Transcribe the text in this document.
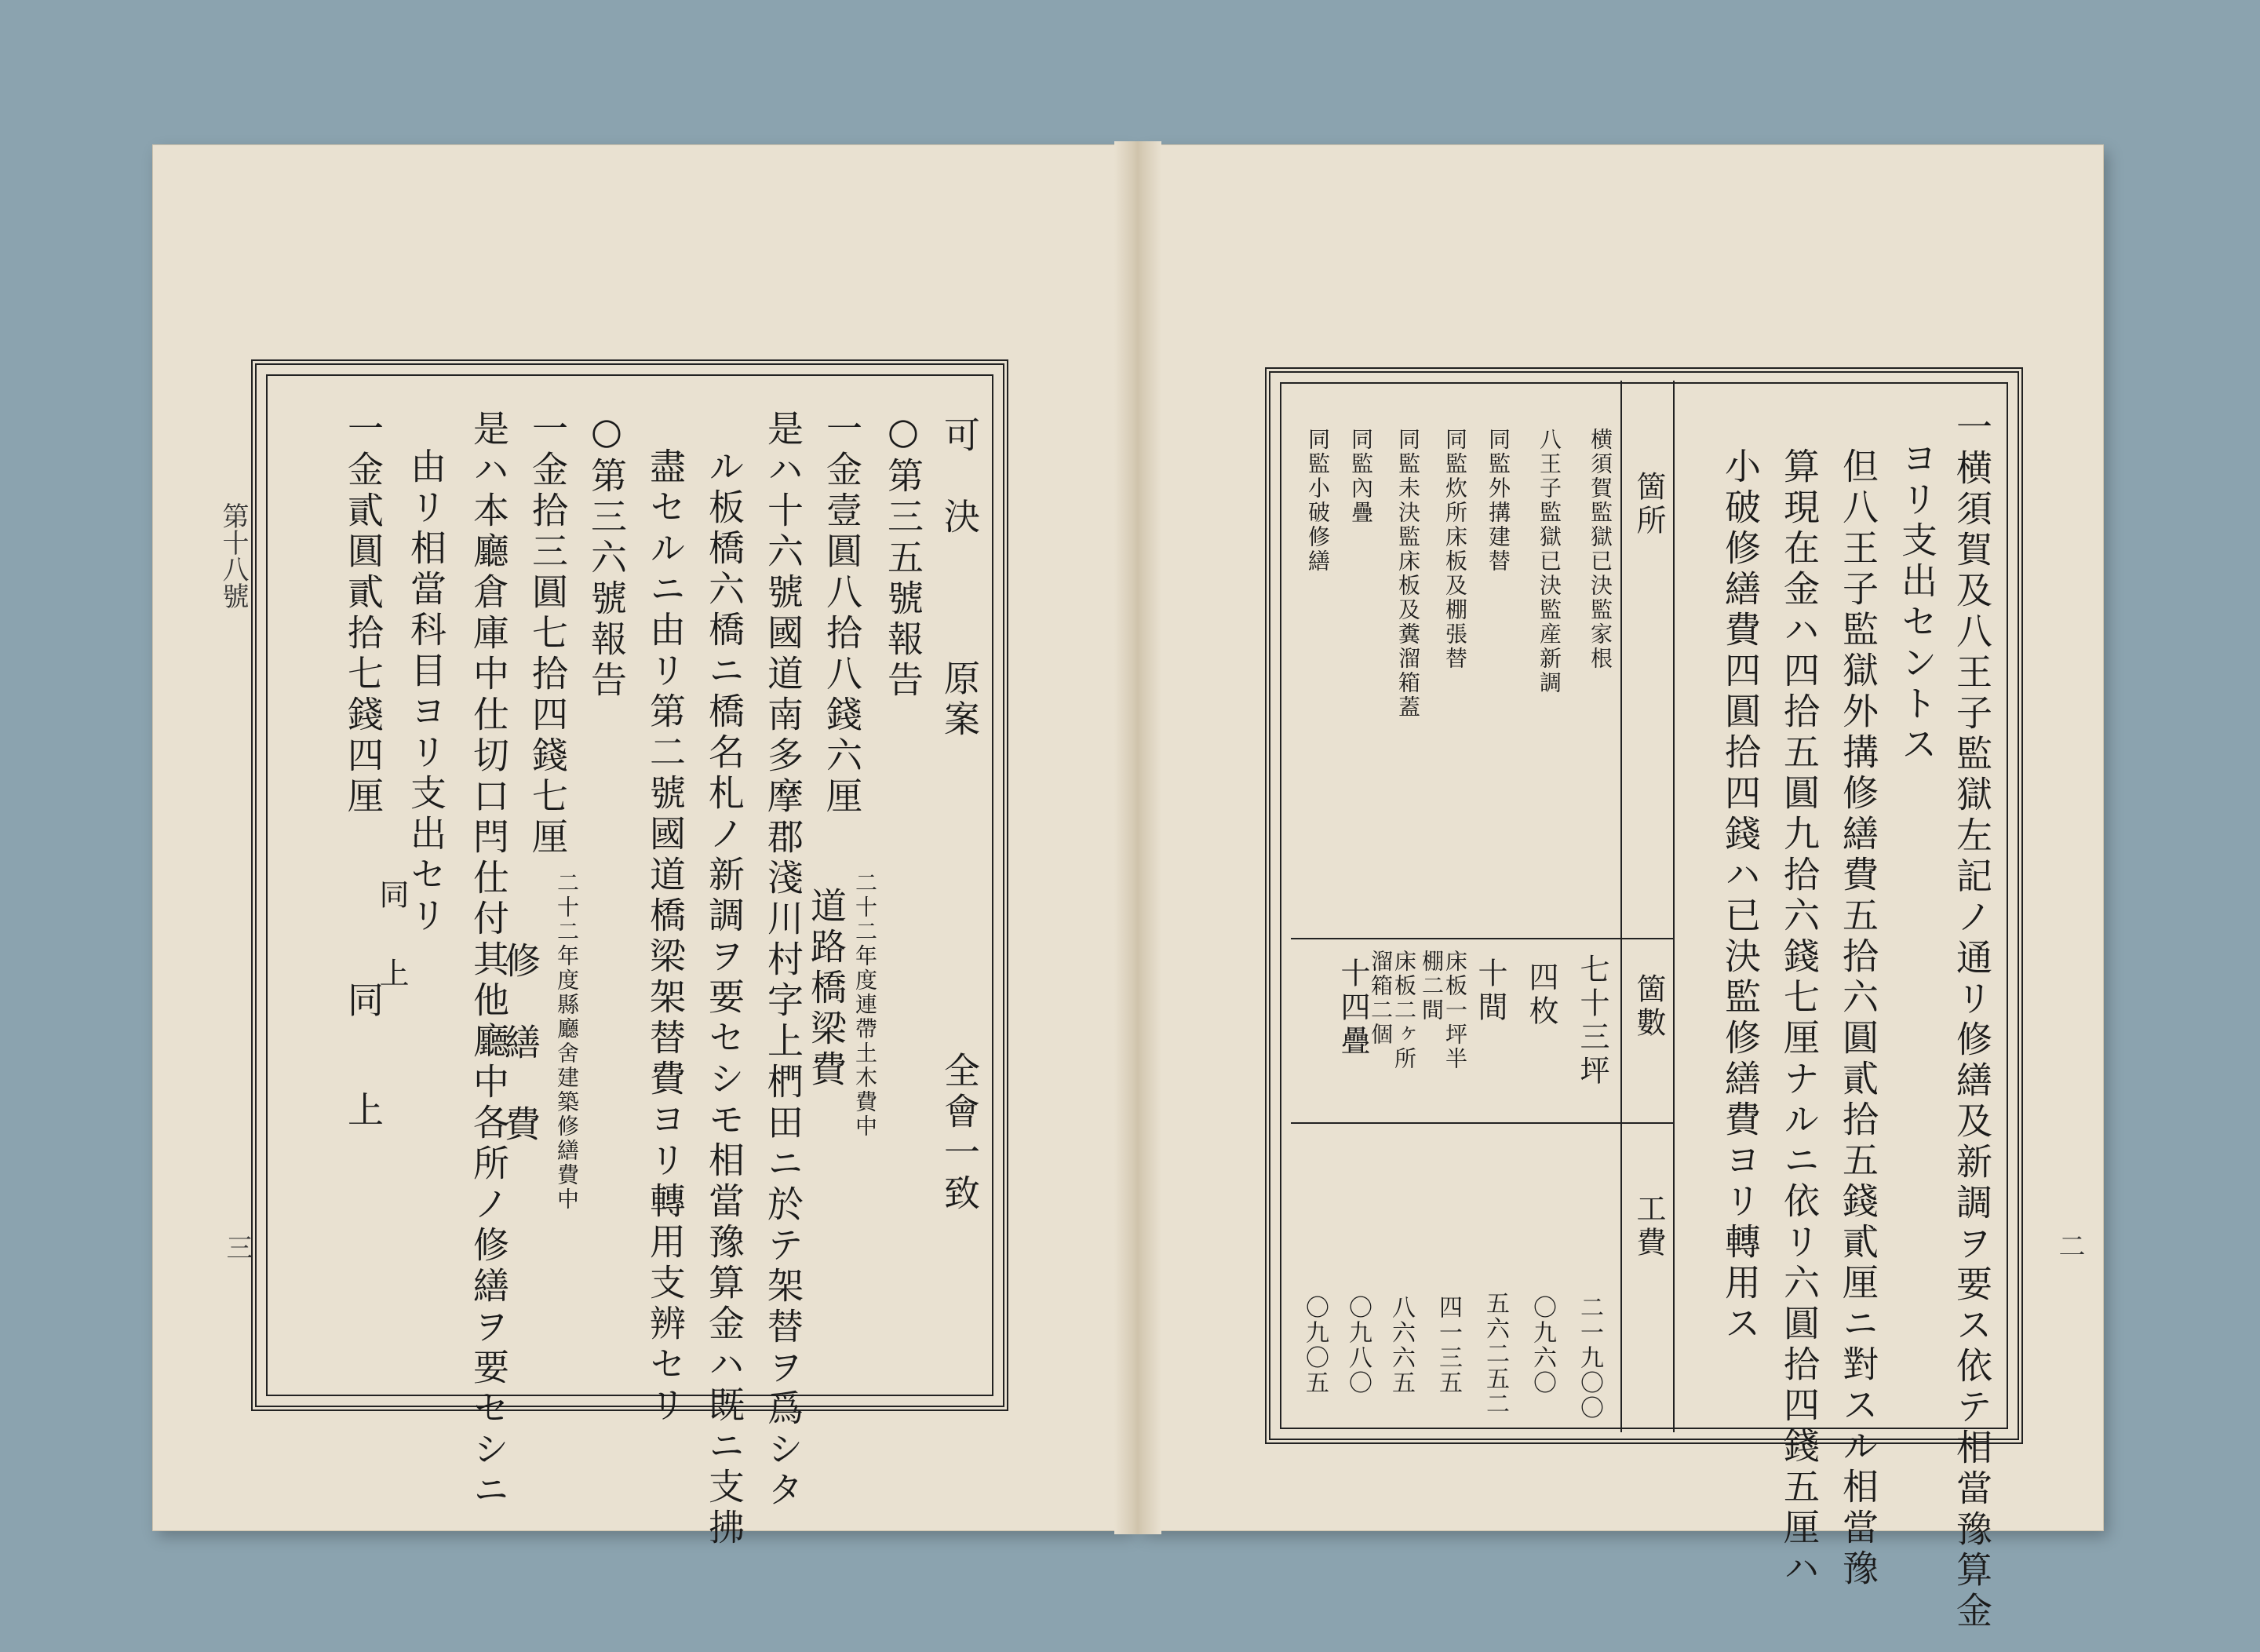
第十八號
三
可　決
原案
全會一致
○第三五號報告
一金壹圓八拾八錢六厘
二十二年度連帶土木費中
道路橋梁費
是ハ十六號國道南多摩郡淺川村字上椚田ニ於テ架替ヲ爲シタ
ル板橋六橋ニ橋名札ノ新調ヲ要セシモ相當豫算金ハ既ニ支拂
盡セルニ由リ第二號國道橋梁架替費ヨリ轉用支辨セリ
○第三六號報告
一金拾三圓七拾四錢七厘
二十二年度縣廳舍建築修繕費中
修　繕　費
是ハ本廳倉庫中仕切口閂仕付其他廳中各所ノ修繕ヲ要セシニ
由リ相當科目ヨリ支出セリ
同
上
一金貳圓貳拾七錢四厘
同
上
二
一横須賀及八王子監獄左記ノ通リ修繕及新調ヲ要ス依テ相當豫算金
ヨリ支出セントス
但八王子監獄外搆修繕費五拾六圓貳拾五錢貳厘ニ對スル相當豫
算現在金ハ四拾五圓九拾六錢七厘ナルニ依リ六圓拾四錢五厘ハ
小破修繕費四圓拾四錢ハ已決監修繕費ヨリ轉用ス
箇所
箇數
工費
横須賀監獄已決監家根
七十三坪
二一九〇〇
八王子監獄已決監産新調
四枚
〇九六〇
同監外搆建替
十間
五六二五二
同監炊所床板及棚張替
床板一坪半
棚二間
四一三五
同監未決監床板及糞溜箱蓋
床板二ヶ所
溜箱二個
八六六五
同監內疊
十四疊
〇九八〇
同監小破修繕
〇九〇五
